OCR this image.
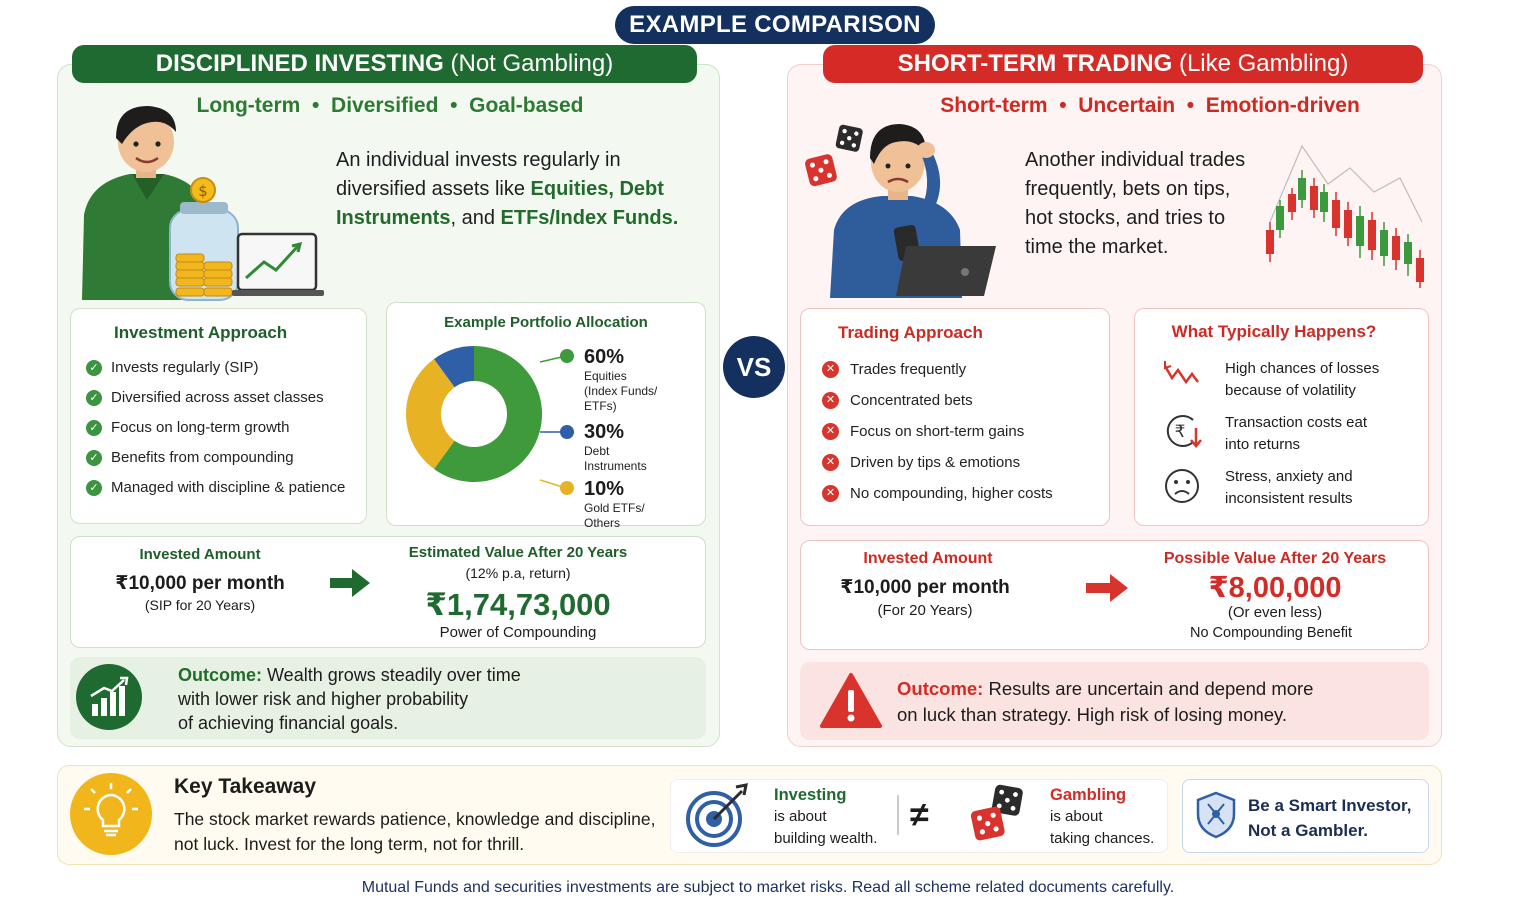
EXAMPLE COMPARISON
DISCIPLINED INVESTING (Not Gambling)
Long-term • Diversified • Goal-based
$
An individual invests regularly in diversified assets like Equities, Debt Instruments, and ETFs/Index Funds.
Investment Approach
✓ Invests regularly (SIP)
✓ Diversified across asset classes
✓ Focus on long-term growth
✓ Benefits from compounding
✓ Managed with discipline & patience
Example Portfolio Allocation
60%
Equities
(Index Funds/
ETFs)
30%
Debt
Instruments
10%
Gold ETFs/
Others
Invested Amount
₹10,000 per month
(SIP for 20 Years)
Estimated Value After 20 Years
(12% p.a, return)
₹1,74,73,000
Power of Compounding
Outcome: Wealth grows steadily over time
with lower risk and higher probability
of achieving financial goals.
VS
SHORT-TERM TRADING (Like Gambling)
Short-term • Uncertain • Emotion-driven
Another individual trades
frequently, bets on tips,
hot stocks, and tries to
time the market.
Trading Approach
✕ Trades frequently
✕ Concentrated bets
✕ Focus on short-term gains
✕ Driven by tips & emotions
✕ No compounding, higher costs
What Typically Happens?
High chances of losses
because of volatility
₹	Transaction costs eat
into returns
Stress, anxiety and
inconsistent results
Invested Amount
₹10,000 per month
(For 20 Years)
Possible Value After 20 Years
₹8,00,000
(Or even less)
No Compounding Benefit
Outcome: Results are uncertain and depend more
on luck than strategy. High risk of losing money.
Key Takeaway
The stock market rewards patience, knowledge and discipline,
not luck. Invest for the long term, not for thrill.
Investing
is about
building wealth.
≠
Gambling
is about
taking chances.
Be a Smart Investor,
Not a Gambler.
Mutual Funds and securities investments are subject to market risks. Read all scheme related documents carefully.
